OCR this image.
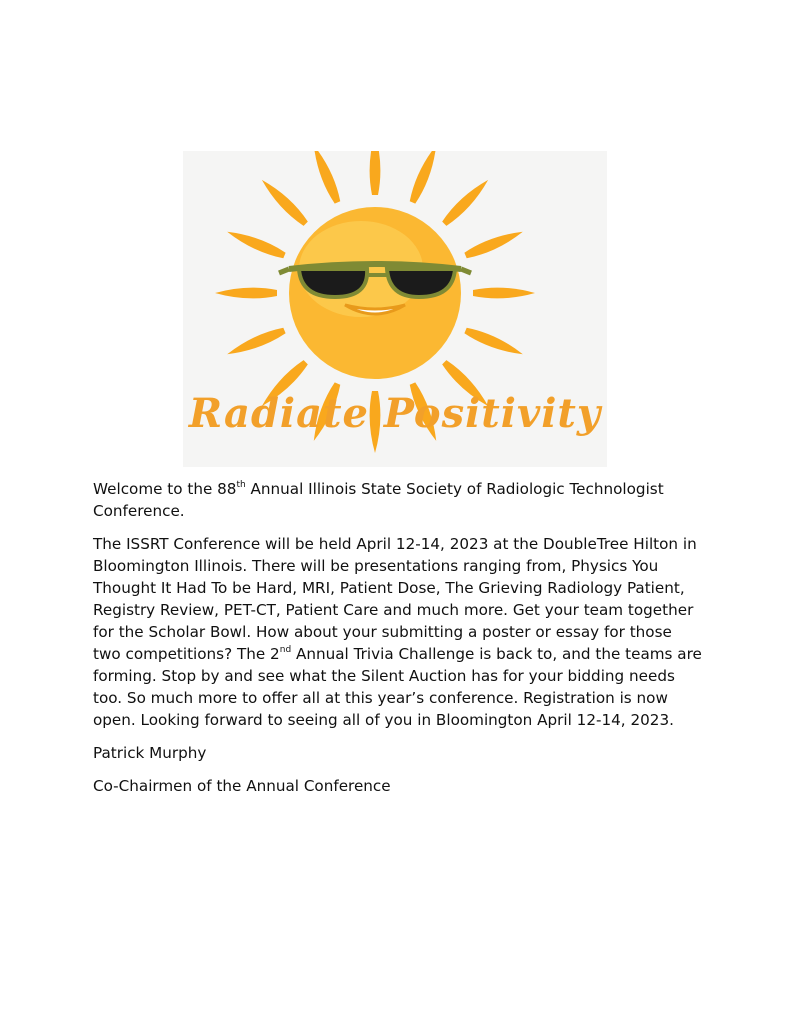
Radiate Positivity

Welcome to the 88th Annual Illinois State Society of Radiologic Technologist Conference.

The ISSRT Conference will be held April 12-14, 2023 at the DoubleTree Hilton in Bloomington Illinois. There will be presentations ranging from, Physics You Thought It Had To be Hard, MRI, Patient Dose, The Grieving Radiology Patient, Registry Review, PET-CT, Patient Care and much more. Get your team together for the Scholar Bowl. How about your submitting a poster or essay for those two competitions? The 2nd Annual Trivia Challenge is back to, and the teams are forming. Stop by and see what the Silent Auction has for your bidding needs too. So much more to offer all at this year’s conference. Registration is now open. Looking forward to seeing all of you in Bloomington April 12-14, 2023.

Patrick Murphy

Co-Chairmen of the Annual Conference
